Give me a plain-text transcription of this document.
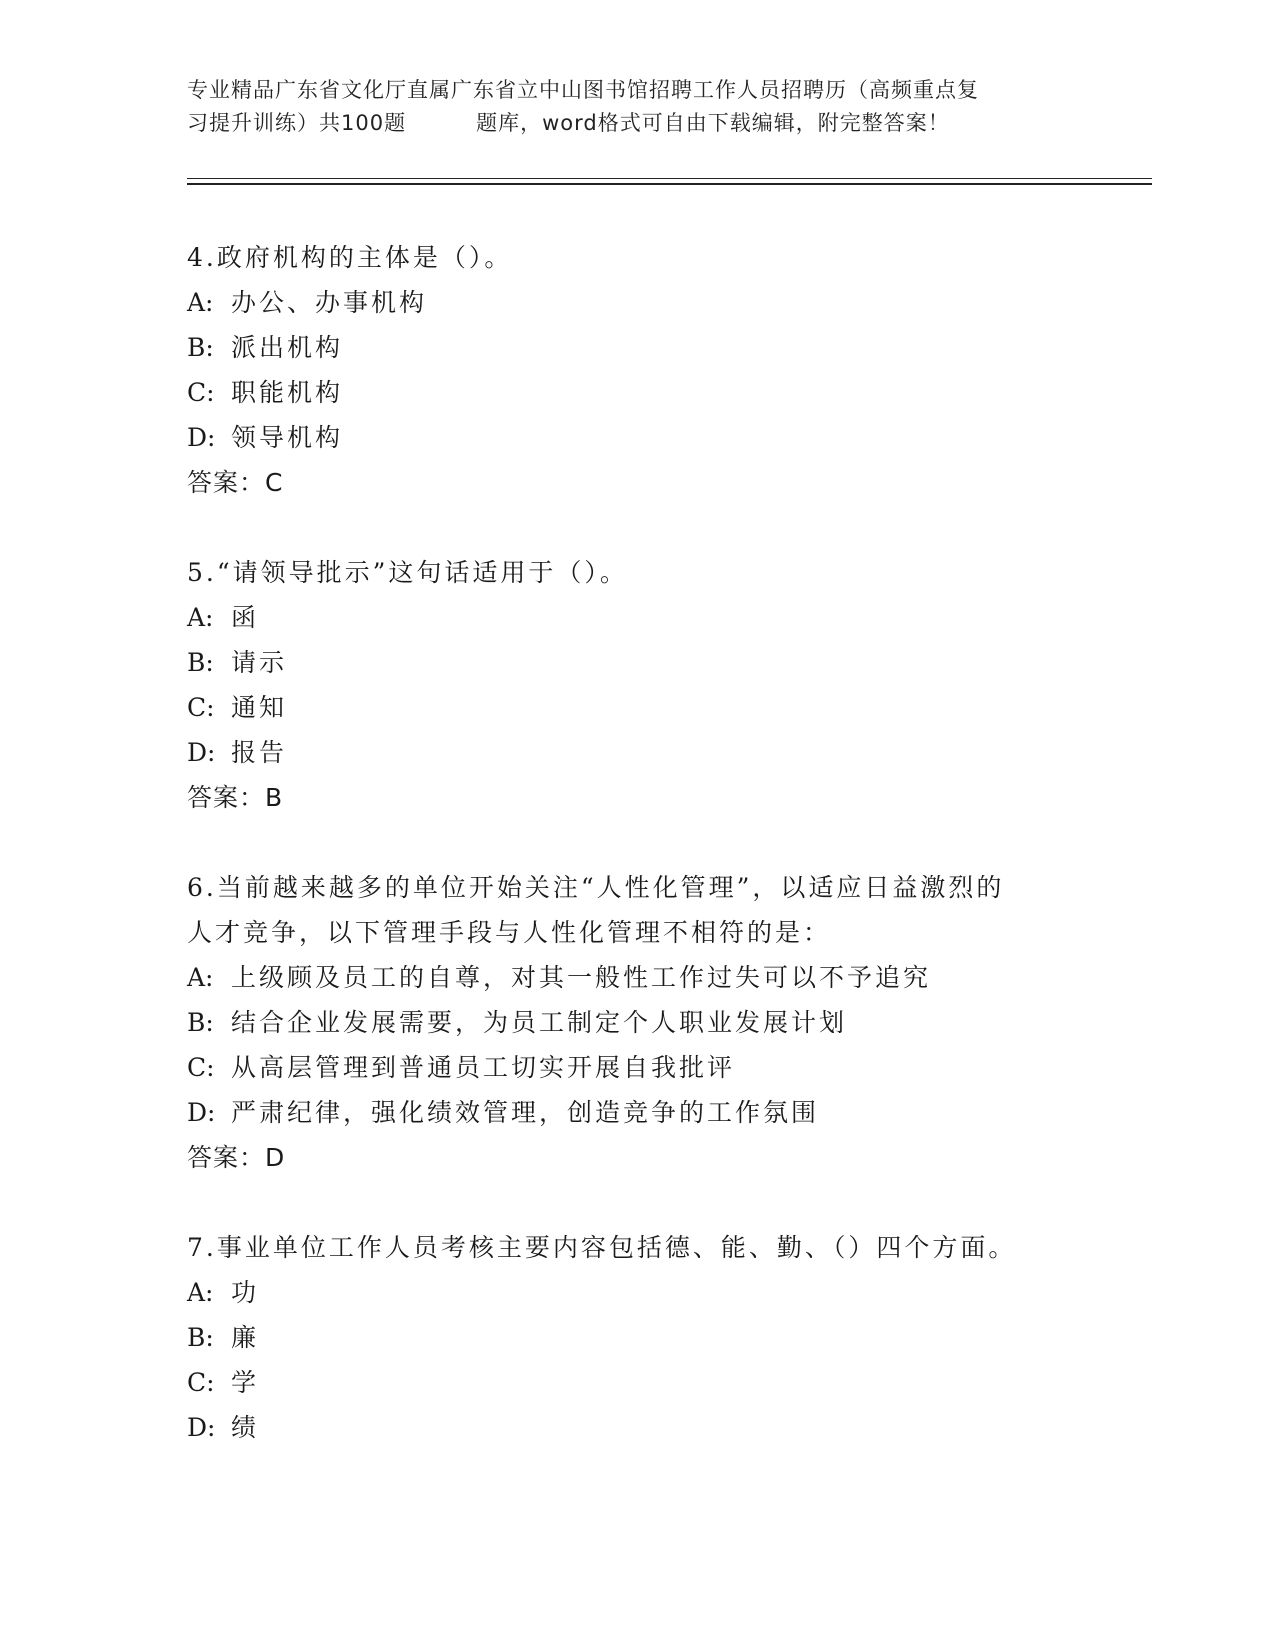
专业精品广东省文化厅直属广东省立中山图书馆招聘工作人员招聘历（高频重点复
习提升训练）共100题	题库，word格式可自由下载编辑，附完整答案！
4.政府机构的主体是（）。
A: 办公、办事机构
B: 派出机构
C: 职能机构
D: 领导机构
答案：C
5.“请领导批示”这句话适用于（）。
A: 函
B: 请示
C: 通知
D: 报告
答案：B
6.当前越来越多的单位开始关注“人性化管理”，以适应日益激烈的
人才竞争，以下管理手段与人性化管理不相符的是：
A: 上级顾及员工的自尊，对其一般性工作过失可以不予追究
B: 结合企业发展需要，为员工制定个人职业发展计划
C: 从高层管理到普通员工切实开展自我批评
D: 严肃纪律，强化绩效管理，创造竞争的工作氛围
答案：D
7.事业单位工作人员考核主要内容包括德、能、勤、（）四个方面。
A: 功
B: 廉
C: 学
D: 绩
